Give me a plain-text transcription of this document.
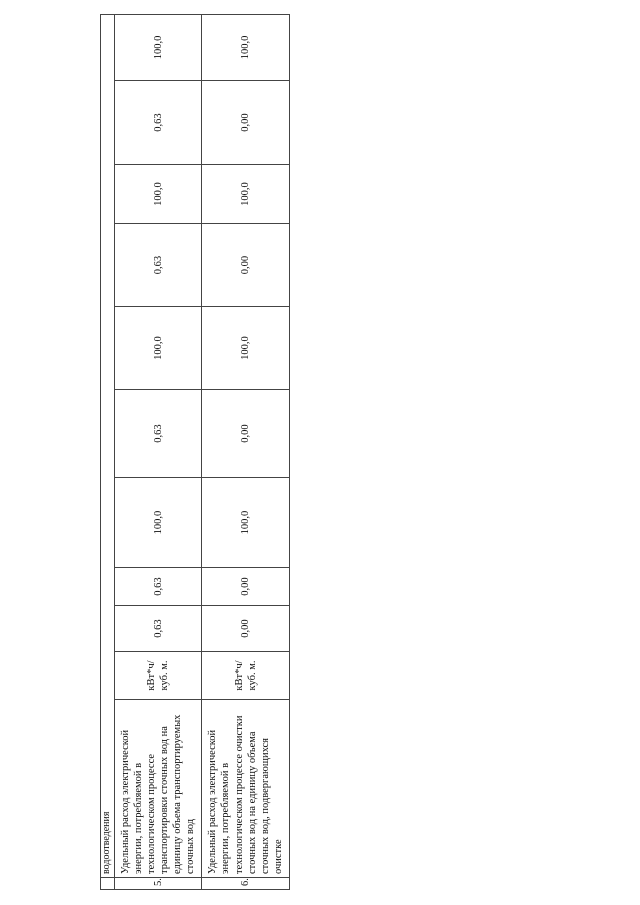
	водоотведения										
5.	Удельный расход электрической энергии, потребляемой в технологическом процессе транспортировки сточных вод на единицу объема транспортируемых сточных вод	кВт*ч/ куб. м.	0,63	0,63	100,0	0,63	100,0	0,63	100,0	0,63	100,0
6.	Удельный расход электрической энергии, потребляемой в технологическом процессе очистки сточных вод на единицу объема сточных вод, подвергающихся очистке	кВт*ч/ куб. м.	0,00	0,00	100,0	0,00	100,0	0,00	100,0	0,00	100,0
